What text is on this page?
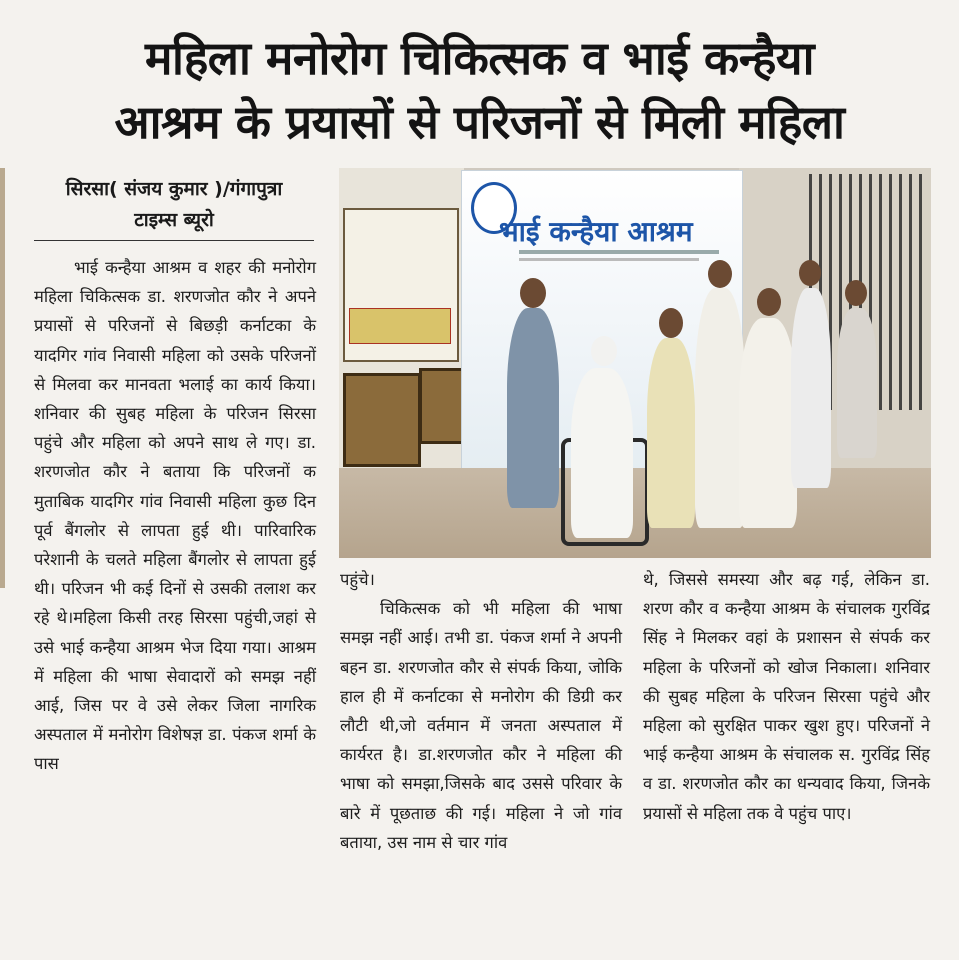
महिला मनोरोग चिकित्सक व भाई कन्हैया
आश्रम के प्रयासों से परिजनों से मिली महिला
सिरसा( संजय कुमार )/गंगापुत्रा
टाइम्स ब्यूरो

भाई कन्हैया आश्रम व शहर की मनोरोग महिला चिकित्सक डा. शरणजोत कौर ने अपने प्रयासों से परिजनों से बिछड़ी कर्नाटका के यादगिर गांव निवासी महिला को उसके परिजनों से मिलवा कर मानवता भलाई का कार्य किया। शनिवार की सुबह महिला के परिजन सिरसा पहुंचे और महिला को अपने साथ ले गए। डा. शरणजोत कौर ने बताया कि परिजनों क मुताबिक यादगिर गांव निवासी महिला कुछ दिन पूर्व बैंगलोर से लापता हुई थी। पारिवारिक परेशानी के चलते महिला बैंगलोर से लापता हुई थी। परिजन भी कई दिनों से उसकी तलाश कर रहे थे।महिला किसी तरह सिरसा पहुंची,जहां से उसे भाई कन्हैया आश्रम भेज दिया गया। आश्रम में महिला की भाषा सेवादारों को समझ नहीं आई, जिस पर वे उसे लेकर जिला नागरिक अस्पताल में मनोरोग विशेषज्ञ डा. पंकज शर्मा के पास

भाई कन्हैया आश्रम

पहुंचे।

चिकित्सक को भी महिला की भाषा समझ नहीं आई। तभी डा. पंकज शर्मा ने अपनी बहन डा. शरणजोत कौर से संपर्क किया, जोकि हाल ही में कर्नाटका से मनोरोग की डिग्री कर लौटी थी,जो वर्तमान में जनता अस्पताल में कार्यरत है। डा.शरणजोत कौर ने महिला की भाषा को समझा,जिसके बाद उससे परिवार के बारे में पूछताछ की गई। महिला ने जो गांव बताया, उस नाम से चार गांव

थे, जिससे समस्या और बढ़ गई, लेकिन डा. शरण कौर व कन्हैया आश्रम के संचालक गुरविंद्र सिंह ने मिलकर वहां के प्रशासन से संपर्क कर महिला के परिजनों को खोज निकाला। शनिवार की सुबह महिला के परिजन सिरसा पहुंचे और महिला को सुरक्षित पाकर खुश हुए। परिजनों ने भाई कन्हैया आश्रम के संचालक स. गुरविंद्र सिंह व डा. शरणजोत कौर का धन्यवाद किया, जिनके प्रयासों से महिला तक वे पहुंच पाए।
